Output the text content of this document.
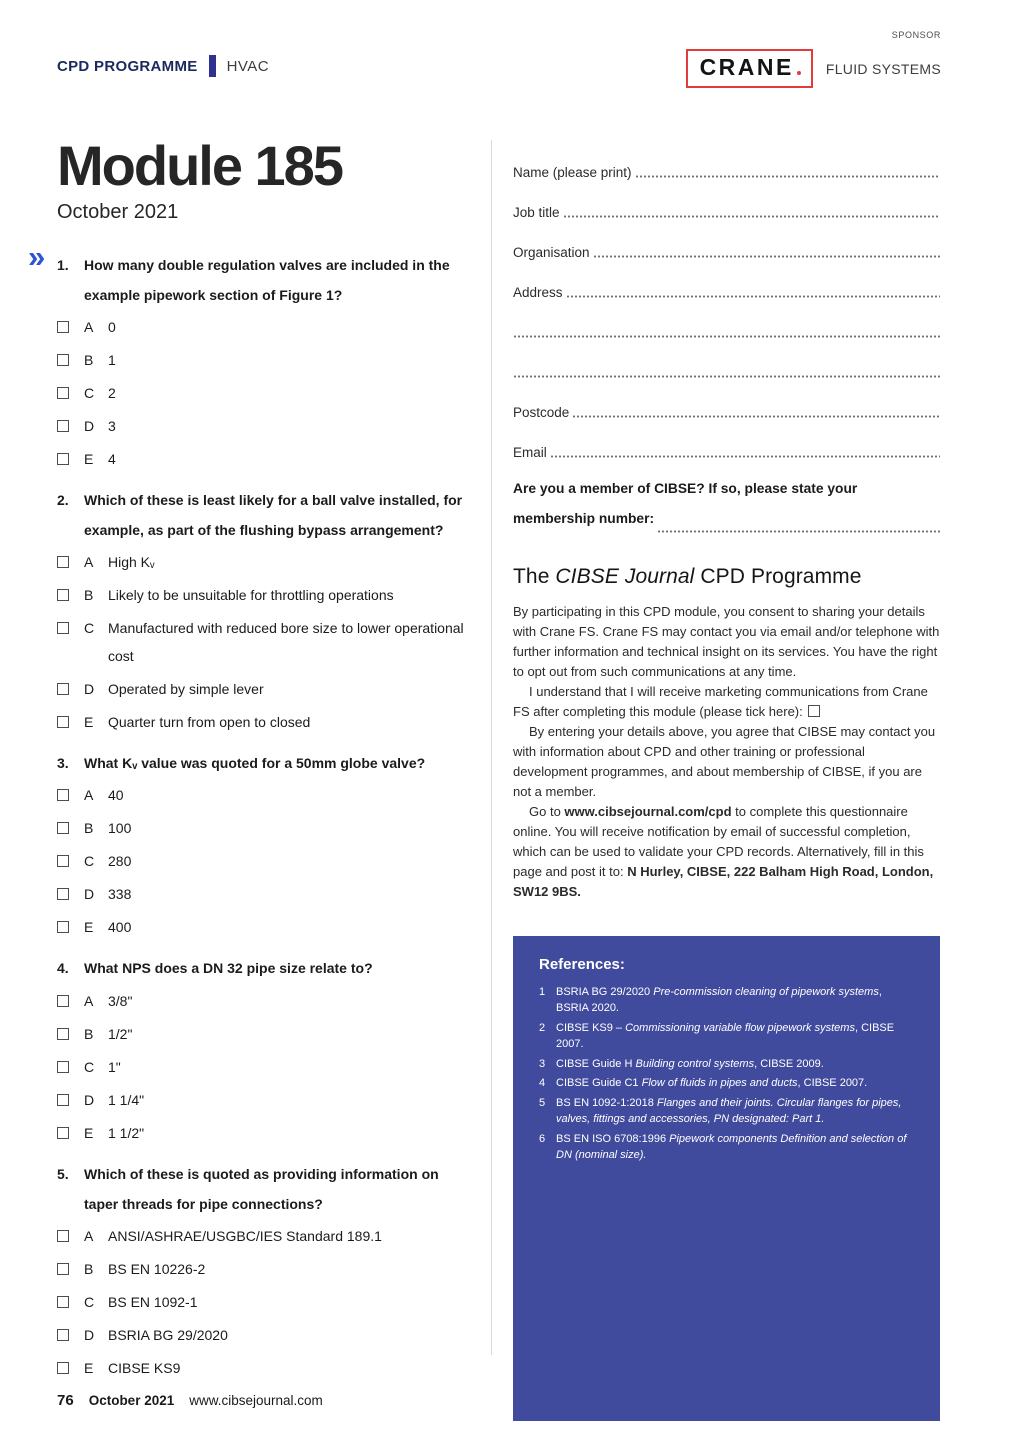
CPD PROGRAMME HVAC
SPONSOR
CRANE FLUID SYSTEMS
Module 185
October 2021
» 1.	How many double regulation valves are included in the example pipework section of Figure 1?
A	0
B	1
C 2
D 3
E	4
2.	Which of these is least likely for a ball valve installed, for example, as part of the flushing bypass arrangement?
A	High Kᵥ
B	Likely to be unsuitable for throttling operations
C Manufactured with reduced bore size to lower operational cost
D Operated by simple lever
E	Quarter turn from open to closed
3.	What Kᵥ value was quoted for a 50mm globe valve?
A	40
B	100
C 280
D 338
E	400
4.	What NPS does a DN 32 pipe size relate to?
A	3/8"
B	1/2"
C 1"
D 1 1/4"
E	1 1/2"
5.	Which of these is quoted as providing information on taper threads for pipe connections?
A	ANSI/ASHRAE/USGBC/IES Standard 189.1
B	BS EN 10226-2
C BS EN 1092-1
D BSRIA BG 29/2020
E	CIBSE KS9
Name (please print)
Job title
Organisation
Address
Postcode
Email
Are you a member of CIBSE? If so, please state your
membership number:
The CIBSE Journal CPD Programme

By participating in this CPD module, you consent to sharing your details with Crane FS. Crane FS may contact you via email and/or telephone with further information and technical insight on its services. You have the right to opt out from such communications at any time.

I understand that I will receive marketing communications from Crane FS after completing this module (please tick here):

By entering your details above, you agree that CIBSE may contact you with information about CPD and other training or professional development programmes, and about membership of CIBSE, if you are not a member.

Go to www.cibsejournal.com/cpd to complete this questionnaire online. You will receive notification by email of successful completion, which can be used to validate your CPD records. Alternatively, fill in this page and post it to: N Hurley, CIBSE, 222 Balham High Road, London, SW12 9BS.

References:
1 BSRIA BG 29/2020 Pre-commission cleaning of pipework systems, BSRIA 2020.
2 CIBSE KS9 – Commissioning variable flow pipework systems, CIBSE 2007.
3 CIBSE Guide H Building control systems, CIBSE 2009.
4 CIBSE Guide C1 Flow of fluids in pipes and ducts, CIBSE 2007.
5 BS EN 1092-1:2018 Flanges and their joints. Circular flanges for pipes, valves, fittings and accessories, PN designated: Part 1.
6 BS EN ISO 6708:1996 Pipework components Definition and selection of DN (nominal size).
76 October 2021 www.cibsejournal.com
